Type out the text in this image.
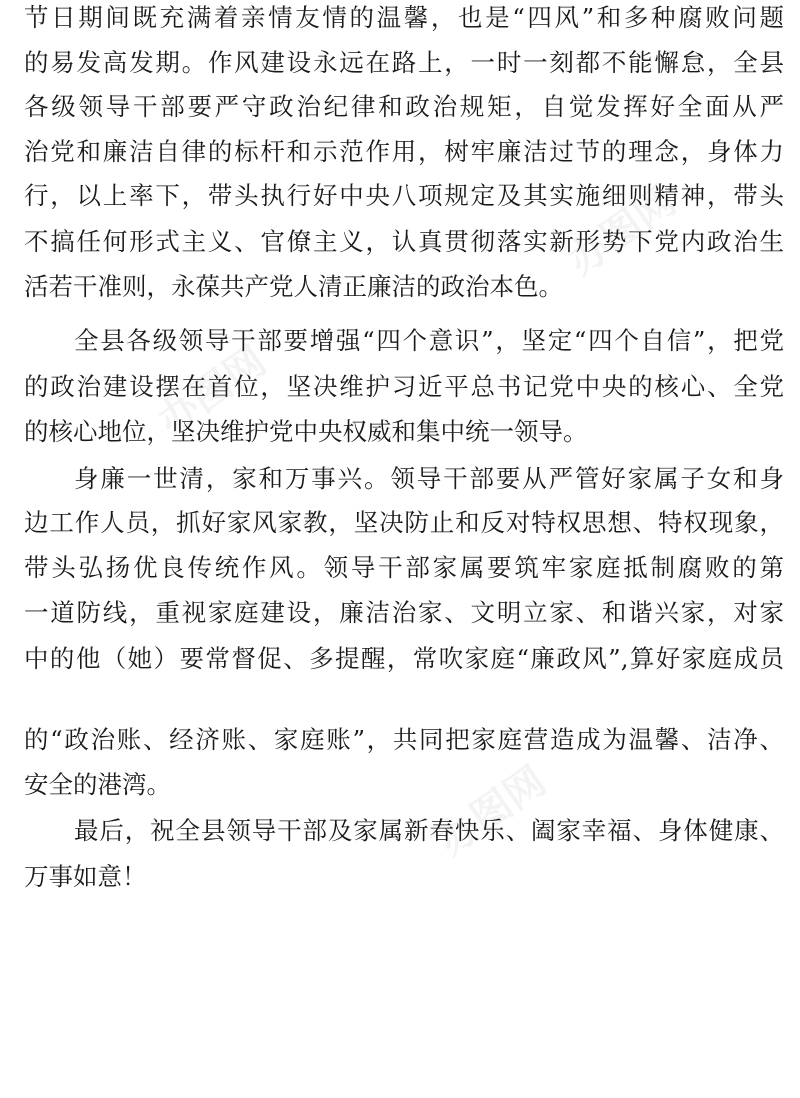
办图网
办图网
办图网
节日期间既充满着亲情友情的温馨，也是“四风”和多种腐败问题
的易发高发期。作风建设永远在路上，一时一刻都不能懈怠，全县
各级领导干部要严守政治纪律和政治规矩，自觉发挥好全面从严
治党和廉洁自律的标杆和示范作用，树牢廉洁过节的理念，身体力
行，以上率下，带头执行好中央八项规定及其实施细则精神，带头
不搞任何形式主义、官僚主义，认真贯彻落实新形势下党内政治生
活若干准则，永葆共产党人清正廉洁的政治本色。
全县各级领导干部要增强“四个意识”，坚定“四个自信”，把党
的政治建设摆在首位，坚决维护习近平总书记党中央的核心、全党
的核心地位，坚决维护党中央权威和集中统一领导。
身廉一世清，家和万事兴。领导干部要从严管好家属子女和身
边工作人员，抓好家风家教，坚决防止和反对特权思想、特权现象，
带头弘扬优良传统作风。领导干部家属要筑牢家庭抵制腐败的第
一道防线，重视家庭建设，廉洁治家、文明立家、和谐兴家，对家
中的他（她）要常督促、多提醒，常吹家庭“廉政风”,算好家庭成员
的“政治账、经济账、家庭账”，共同把家庭营造成为温馨、洁净、
安全的港湾。
最后，祝全县领导干部及家属新春快乐、阖家幸福、身体健康、
万事如意！
